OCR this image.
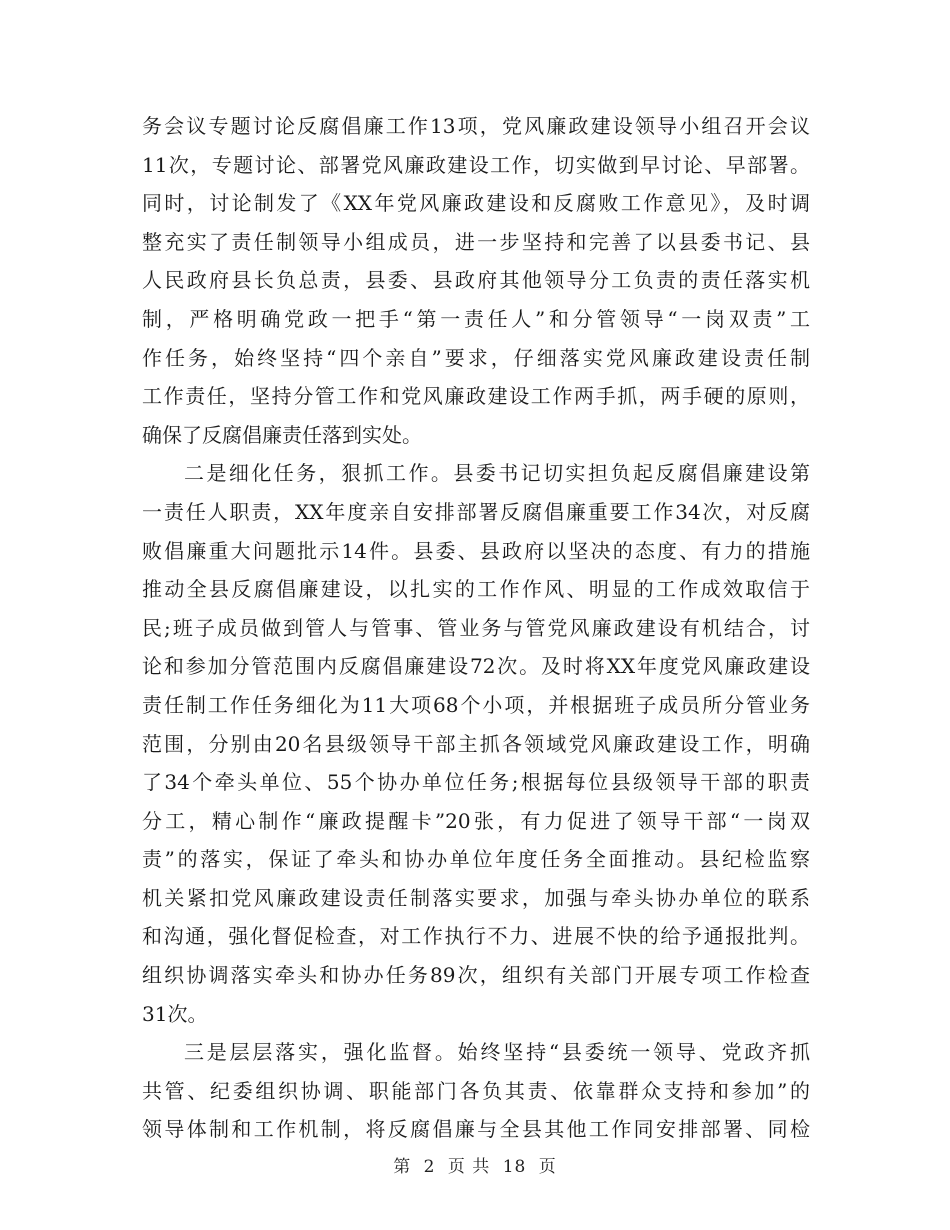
务会议专题讨论反腐倡廉工作13项，党风廉政建设领导小组召开会议
11次，专题讨论、部署党风廉政建设工作，切实做到早讨论、早部署。
同时，讨论制发了《XX年党风廉政建设和反腐败工作意见》，及时调
整充实了责任制领导小组成员，进一步坚持和完善了以县委书记、县
人民政府县长负总责，县委、县政府其他领导分工负责的责任落实机
制，严格明确党政一把手“第一责任人”和分管领导“一岗双责”工
作任务，始终坚持“四个亲自”要求，仔细落实党风廉政建设责任制
工作责任，坚持分管工作和党风廉政建设工作两手抓，两手硬的原则，
确保了反腐倡廉责任落到实处。
二是细化任务，狠抓工作。县委书记切实担负起反腐倡廉建设第
一责任人职责，XX年度亲自安排部署反腐倡廉重要工作34次，对反腐
败倡廉重大问题批示14件。县委、县政府以坚决的态度、有力的措施
推动全县反腐倡廉建设，以扎实的工作作风、明显的工作成效取信于
民;班子成员做到管人与管事、管业务与管党风廉政建设有机结合，讨
论和参加分管范围内反腐倡廉建设72次。及时将XX年度党风廉政建设
责任制工作任务细化为11大项68个小项，并根据班子成员所分管业务
范围，分别由20名县级领导干部主抓各领域党风廉政建设工作，明确
了34个牵头单位、55个协办单位任务;根据每位县级领导干部的职责
分工，精心制作“廉政提醒卡”20张，有力促进了领导干部“一岗双
责”的落实，保证了牵头和协办单位年度任务全面推动。县纪检监察
机关紧扣党风廉政建设责任制落实要求，加强与牵头协办单位的联系
和沟通，强化督促检查，对工作执行不力、进展不快的给予通报批判。
组织协调落实牵头和协办任务89次，组织有关部门开展专项工作检查
31次。
三是层层落实，强化监督。始终坚持“县委统一领导、党政齐抓
共管、纪委组织协调、职能部门各负其责、依靠群众支持和参加”的
领导体制和工作机制，将反腐倡廉与全县其他工作同安排部署、同检
第 2 页 共 18 页
